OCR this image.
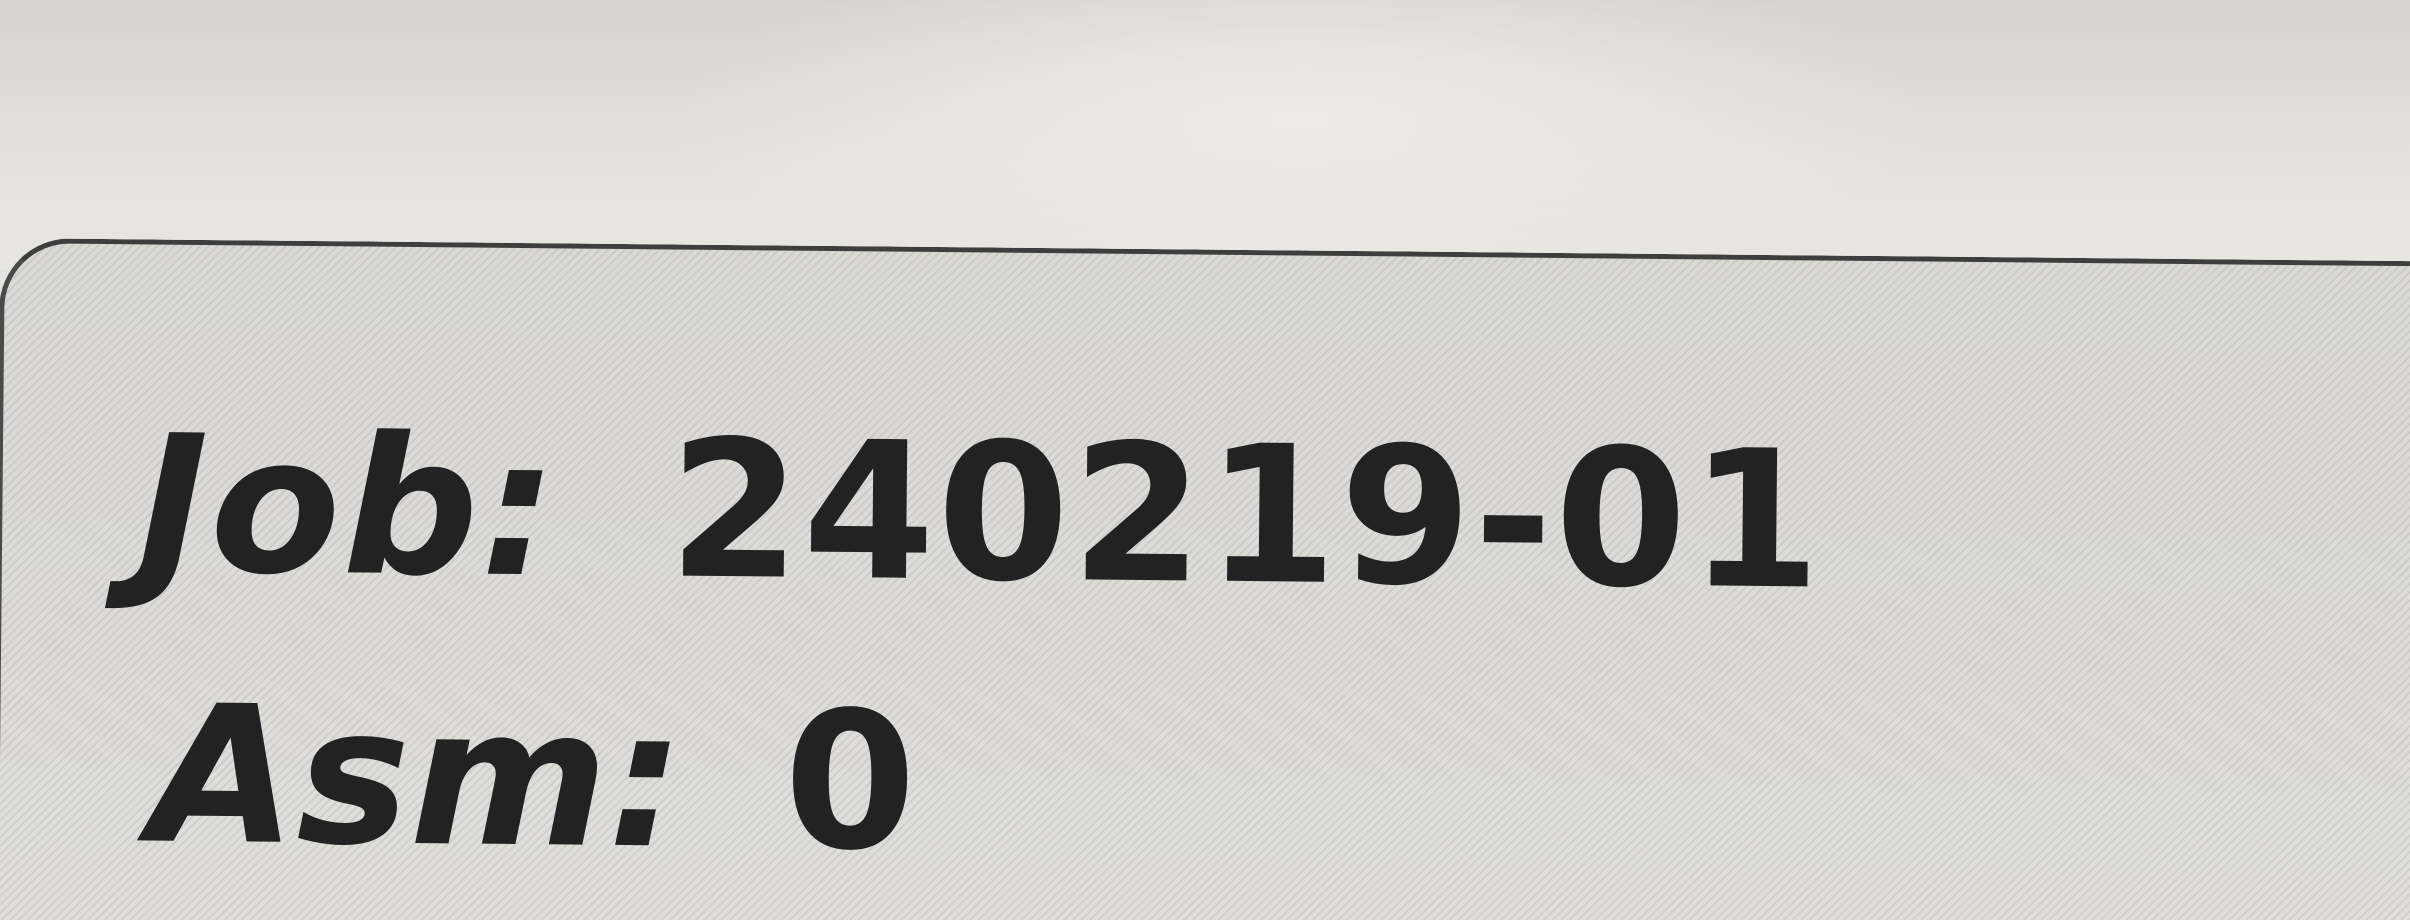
Job: 240219-01
Asm: 0
